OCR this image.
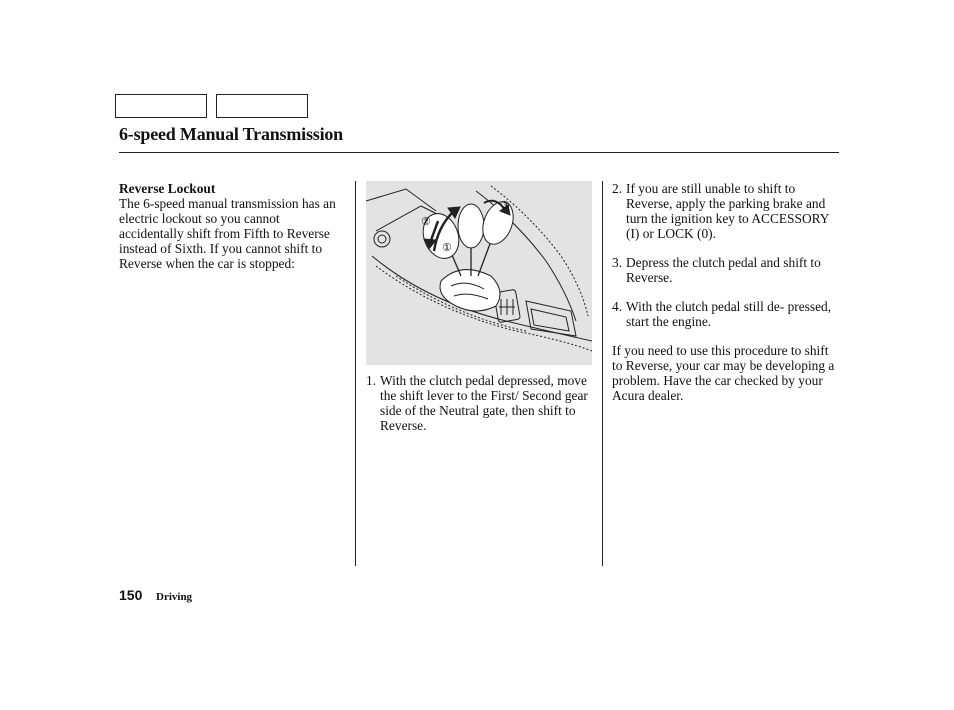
6-speed Manual Transmission
Reverse Lockout

The 6-speed manual transmission has an electric lockout so you cannot accidentally shift from Fifth to Reverse instead of Sixth. If you cannot shift to Reverse when the car is stopped:

①
②
③
1. With the clutch pedal depressed, move the shift lever to the First/ Second gear side of the Neutral gate, then shift to Reverse.
2. If you are still unable to shift to Reverse, apply the parking brake and turn the ignition key to ACCESSORY (I) or LOCK (0).
3. Depress the clutch pedal and shift to Reverse.
4. With the clutch pedal still de- pressed, start the engine.

If you need to use this procedure to shift to Reverse, your car may be developing a problem. Have the car checked by your Acura dealer.

150 Driving
